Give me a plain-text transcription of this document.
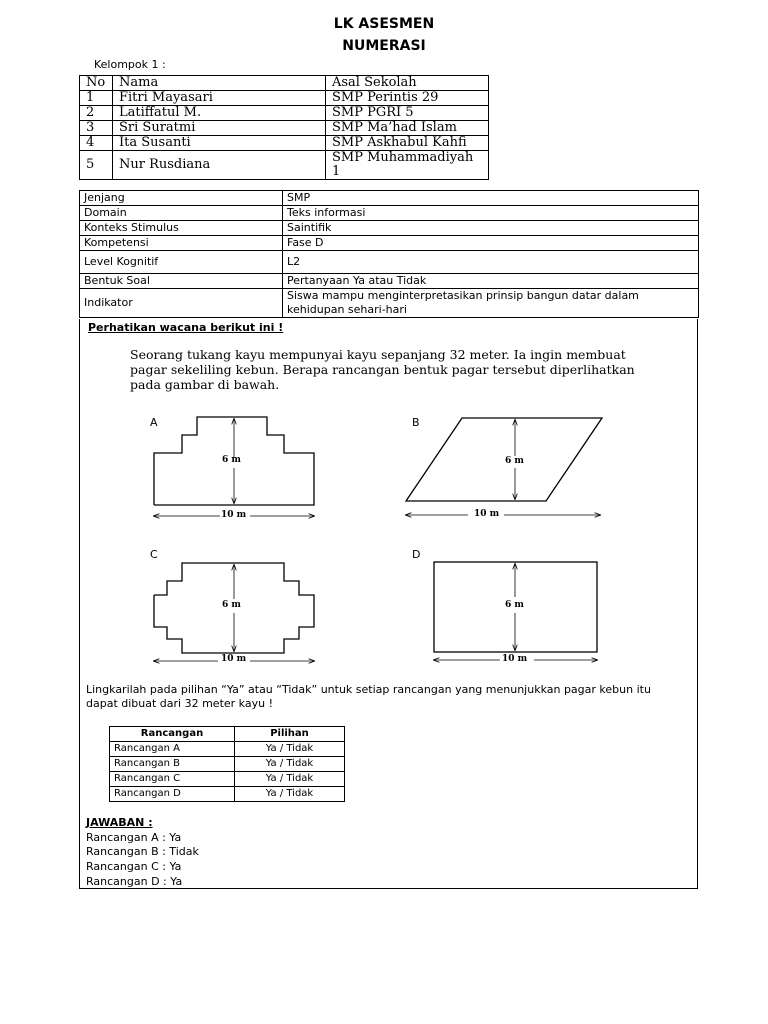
LK ASESMEN
NUMERASI
Kelompok 1 :
No	Nama	Asal Sekolah
1	Fitri Mayasari	SMP Perintis 29
2	Latiffatul M.	SMP PGRI 5
3	Sri Suratmi	SMP Ma’had Islam
4	Ita Susanti	SMP Askhabul Kahfi
5	Nur Rusdiana	SMP Muhammadiyah 1
Jenjang	SMP
Domain	Teks informasi
Konteks Stimulus	Saintifik
Kompetensi	Fase D
Level Kognitif	L2
Bentuk Soal	Pertanyaan Ya atau Tidak
Indikator	Siswa mampu menginterpretasikan prinsip bangun datar dalam kehidupan sehari-hari
Perhatikan wacana berikut ini !
Seorang tukang kayu mempunyai kayu sepanjang 32 meter. Ia ingin membuat pagar sekeliling kebun. Berapa rancangan bentuk pagar tersebut diperlihatkan pada gambar di bawah.
A
6 m
10 m
B
6 m
10 m
C
6 m
10 m
D
6 m
10 m
Lingkarilah pada pilihan “Ya” atau “Tidak” untuk setiap rancangan yang menunjukkan pagar kebun itu dapat dibuat dari 32 meter kayu !
Rancangan	Pilihan
Rancangan A	Ya / Tidak
Rancangan B	Ya / Tidak
Rancangan C	Ya / Tidak
Rancangan D	Ya / Tidak
JAWABAN :
Rancangan A : Ya
Rancangan B : Tidak
Rancangan C : Ya
Rancangan D : Ya
